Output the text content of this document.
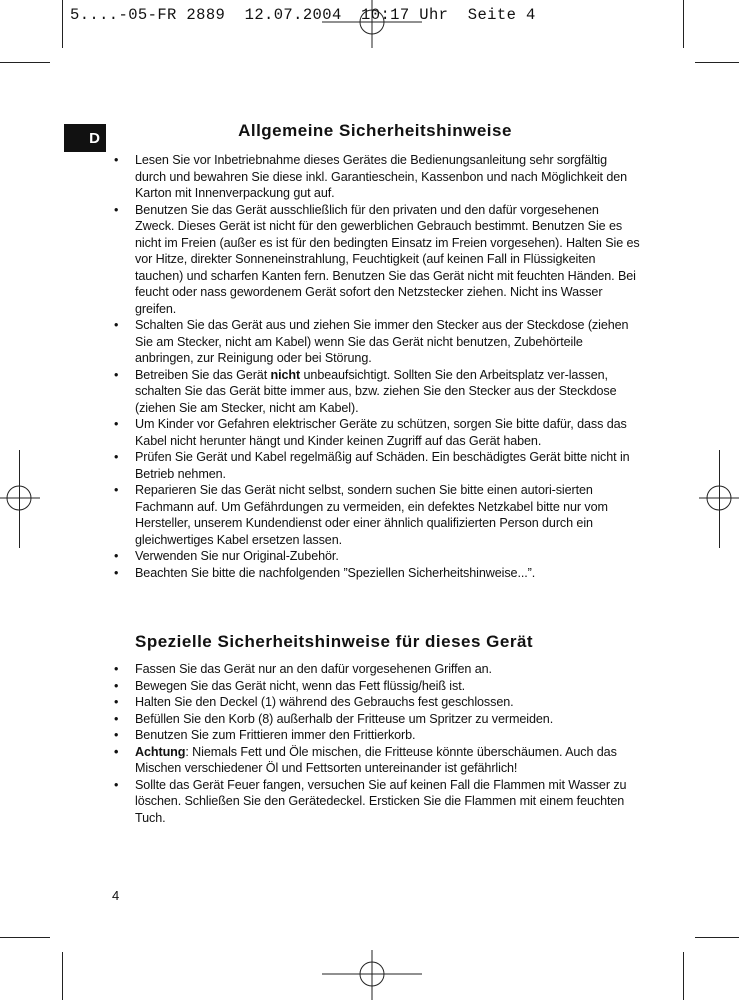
5....-05-FR 2889  12.07.2004  10:17 Uhr  Seite 4
D	Allgemeine Sicherheitshinweise
• Lesen Sie vor Inbetriebnahme dieses Gerätes die Bedienungsanleitung sehr sorgfältig durch und bewahren Sie diese inkl. Garantieschein, Kassenbon und nach Möglichkeit den Karton mit Innenverpackung gut auf.
• Benutzen Sie das Gerät ausschließlich für den privaten und den dafür vorgesehenen Zweck. Dieses Gerät ist nicht für den gewerblichen Gebrauch bestimmt. Benutzen Sie es nicht im Freien (außer es ist für den bedingten Einsatz im Freien vorgesehen). Halten Sie es vor Hitze, direkter Sonneneinstrahlung, Feuchtigkeit (auf keinen Fall in Flüssigkeiten tauchen) und scharfen Kanten fern. Benutzen Sie das Gerät nicht mit feuchten Händen. Bei feucht oder nass gewordenem Gerät sofort den Netzstecker ziehen. Nicht ins Wasser greifen.
• Schalten Sie das Gerät aus und ziehen Sie immer den Stecker aus der Steckdose (ziehen Sie am Stecker, nicht am Kabel) wenn Sie das Gerät nicht benutzen, Zubehörteile anbringen, zur Reinigung oder bei Störung.
• Betreiben Sie das Gerät nicht unbeaufsichtigt. Sollten Sie den Arbeitsplatz ver-lassen, schalten Sie das Gerät bitte immer aus, bzw. ziehen Sie den Stecker aus der Steckdose (ziehen Sie am Stecker, nicht am Kabel).
• Um Kinder vor Gefahren elektrischer Geräte zu schützen, sorgen Sie bitte dafür, dass das Kabel nicht herunter hängt und Kinder keinen Zugriff auf das Gerät haben.
• Prüfen Sie Gerät und Kabel regelmäßig auf Schäden. Ein beschädigtes Gerät bitte nicht in Betrieb nehmen.
• Reparieren Sie das Gerät nicht selbst, sondern suchen Sie bitte einen autori-sierten Fachmann auf. Um Gefährdungen zu vermeiden, ein defektes Netzkabel bitte nur vom Hersteller, unserem Kundendienst oder einer ähnlich qualifizierten Person durch ein gleichwertiges Kabel ersetzen lassen.
• Verwenden Sie nur Original-Zubehör.
• Beachten Sie bitte die nachfolgenden ”Speziellen Sicherheitshinweise...”.
Spezielle Sicherheitshinweise für dieses Gerät
• Fassen Sie das Gerät nur an den dafür vorgesehenen Griffen an.
• Bewegen Sie das Gerät nicht, wenn das Fett flüssig/heiß ist.
• Halten Sie den Deckel (1) während des Gebrauchs fest geschlossen.
• Befüllen Sie den Korb (8) außerhalb der Fritteuse um Spritzer zu vermeiden.
• Benutzen Sie zum Frittieren immer den Frittierkorb.
• Achtung: Niemals Fett und Öle mischen, die Fritteuse könnte überschäumen. Auch das Mischen verschiedener Öl und Fettsorten untereinander ist gefährlich!
• Sollte das Gerät Feuer fangen, versuchen Sie auf keinen Fall die Flammen mit Wasser zu löschen. Schließen Sie den Gerätedeckel. Ersticken Sie die Flammen mit einem feuchten Tuch.
4
